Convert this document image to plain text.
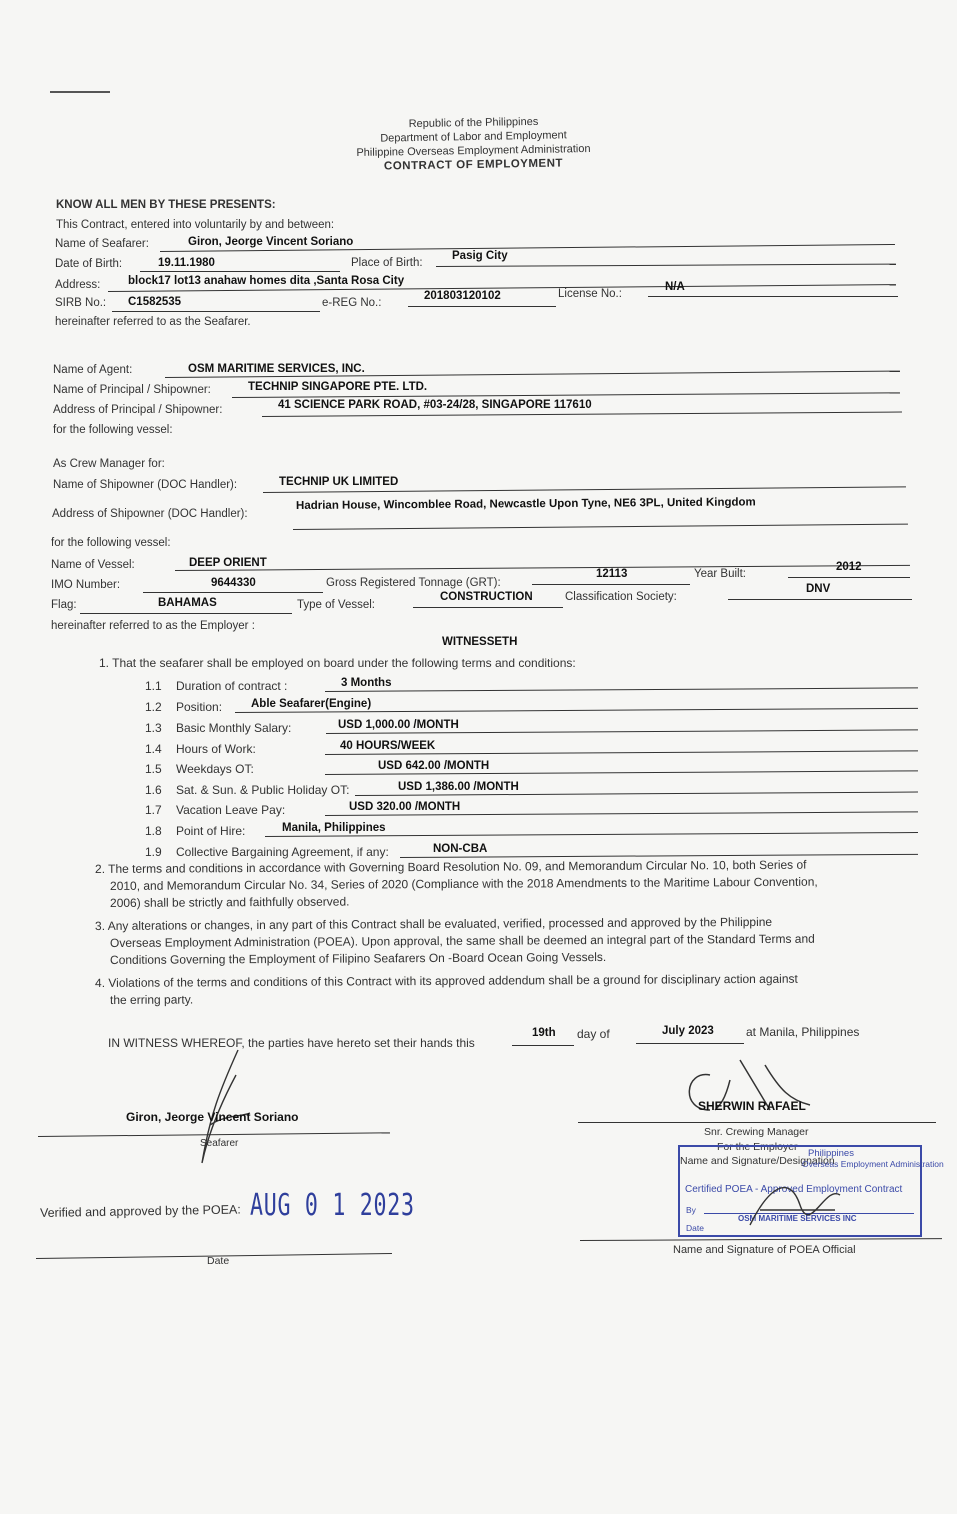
Republic of the Philippines
Department of Labor and Employment
Philippine Overseas Employment Administration
CONTRACT OF EMPLOYMENT
KNOW ALL MEN BY THESE PRESENTS:
This Contract, entered into voluntarily by and between:
Name of Seafarer:	Giron, Jeorge Vincent Soriano
Date of Birth:	19.11.1980	Place of Birth:
Pasig City
Address: block17 lot13 anahaw homes dita ,Santa Rosa City
SIRB No.: C1582535	e-REG No.:
201803120102	License No.:
N/A
hereinafter referred to as the Seafarer.
Name of Agent:	OSM MARITIME SERVICES, INC.
Name of Principal / Shipowner:	TECHNIP SINGAPORE PTE. LTD.
Address of Principal / Shipowner:	41 SCIENCE PARK ROAD, #03-24/28, SINGAPORE 117610
for the following vessel:
As Crew Manager for:
Name of Shipowner (DOC Handler):	TECHNIP UK LIMITED
Address of Shipowner (DOC Handler):
Hadrian House, Wincomblee Road, Newcastle Upon Tyne, NE6 3PL, United Kingdom
for the following vessel:
Name of Vessel:	DEEP ORIENT
IMO Number:	9644330	Gross Registered Tonnage (GRT):
12113	Year Built:
2012
Flag:	BAHAMAS	Type of Vessel:
CONSTRUCTION	Classification Society:
DNV
hereinafter referred to as the Employer :
WITNESSETH
1. That the seafarer shall be employed on board under the following terms and conditions:
1.1 Duration of contract :	3 Months
1.2 Position:	Able Seafarer(Engine)
1.3 Basic Monthly Salary:	USD 1,000.00 /MONTH
1.4 Hours of Work:	40 HOURS/WEEK
1.5 Weekdays OT:	USD 642.00 /MONTH
1.6 Sat. & Sun. & Public Holiday OT:	USD 1,386.00 /MONTH
1.7 Vacation Leave Pay:	USD 320.00 /MONTH
1.8 Point of Hire:	Manila, Philippines
1.9 Collective Bargaining Agreement, if any:	NON-CBA
2. The terms and conditions in accordance with Governing Board Resolution No. 09, and Memorandum Circular No. 10, both Series of
2010, and Memorandum Circular No. 34, Series of 2020 (Compliance with the 2018 Amendments to the Maritime Labour Convention,
2006) shall be strictly and faithfully observed.
3. Any alterations or changes, in any part of this Contract shall be evaluated, verified, processed and approved by the Philippine
Overseas Employment Administration (POEA). Upon approval, the same shall be deemed an integral part of the Standard Terms and
Conditions Governing the Employment of Filipino Seafarers On -Board Ocean Going Vessels.
4. Violations of the terms and conditions of this Contract with its approved addendum shall be a ground for disciplinary action against
the erring party.
IN WITNESS WHEREOF, the parties have hereto set their hands this
19th day of	July 2023	at Manila, Philippines
Giron, Jeorge Vincent Soriano
Seafarer
SHERWIN RAFAEL
Snr. Crewing Manager
For the Employer
Name and Signature/Designation
Philippines
Overseas Employment Administration
Certified POEA - Approved Employment Contract
By
OSM MARITIME SERVICES INC
Date
Name and Signature of POEA Official
Verified and approved by the POEA: AUG 0 1 2023
Date
